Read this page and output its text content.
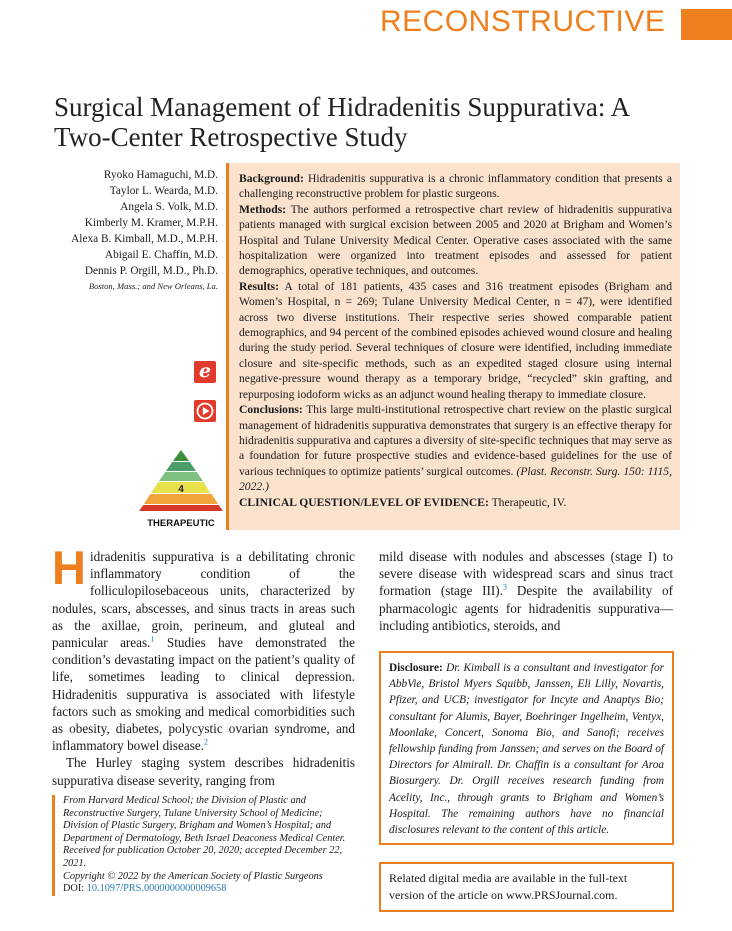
RECONSTRUCTIVE
Surgical Management of Hidradenitis Suppurativa: A Two-Center Retrospective Study
Ryoko Hamaguchi, M.D.
Taylor L. Wearda, M.D.
Angela S. Volk, M.D.
Kimberly M. Kramer, M.P.H.
Alexa B. Kimball, M.D., M.P.H.
Abigail E. Chaffin, M.D.
Dennis P. Orgill, M.D., Ph.D.
Boston, Mass.; and New Orleans, La.
e
4
THERAPEUTIC

Background: Hidradenitis suppurativa is a chronic inflammatory condition that presents a challenging reconstructive problem for plastic surgeons.

Methods: The authors performed a retrospective chart review of hidradenitis suppurativa patients managed with surgical excision between 2005 and 2020 at Brigham and Women’s Hospital and Tulane University Medical Center. Operative cases associated with the same hospitalization were organized into treatment episodes and assessed for patient demographics, operative techniques, and outcomes.

Results: A total of 181 patients, 435 cases and 316 treatment episodes (Brigham and Women’s Hospital, n = 269; Tulane University Medical Center, n = 47), were identified across two diverse institutions. Their respective series showed comparable patient demographics, and 94 percent of the combined episodes achieved wound closure and healing during the study period. Several techniques of closure were identified, including immediate closure and site-specific methods, such as an expedited staged closure using internal negative-pressure wound therapy as a temporary bridge, “recycled” skin grafting, and repurposing iodoform wicks as an adjunct wound healing therapy to immediate closure.

Conclusions: This large multi-institutional retrospective chart review on the plastic surgical management of hidradenitis suppurativa demonstrates that surgery is an effective therapy for hidradenitis suppurativa and captures a diversity of site-specific techniques that may serve as a foundation for future prospective studies and evidence-based guidelines for the use of various techniques to optimize patients’ surgical outcomes. (Plast. Reconstr. Surg. 150: 1115, 2022.)

CLINICAL QUESTION/LEVEL OF EVIDENCE: Therapeutic, IV.

Hidradenitis suppurativa is a debilitating chronic inflammatory condition of the folliculopilosebaceous units, characterized by nodules, scars, abscesses, and sinus tracts in areas such as the axillae, groin, perineum, and gluteal and pannicular areas.$^1$ Studies have demonstrated the condition’s devastating impact on the patient’s quality of life, sometimes leading to clinical depression. Hidradenitis suppurativa is associated with lifestyle factors such as smoking and medical comorbidities such as obesity, diabetes, polycystic ovarian syndrome, and inflammatory bowel disease.$^2$

The Hurley staging system describes hidradenitis suppurativa disease severity, ranging from

mild disease with nodules and abscesses (stage I) to severe disease with widespread scars and sinus tract formation (stage III).$^3$ Despite the availability of pharmacologic agents for hidradenitis suppurativa—including antibiotics, steroids, and

Disclosure: Dr. Kimball is a consultant and investigator for AbbVie, Bristol Myers Squibb, Janssen, Eli Lilly, Novartis, Pfizer, and UCB; investigator for Incyte and Anaptys Bio; consultant for Alumis, Bayer, Boehringer Ingelheim, Ventyx, Moonlake, Concert, Sonoma Bio, and Sanofi; receives fellowship funding from Janssen; and serves on the Board of Directors for Almirall. Dr. Chaffin is a consultant for Aroa Biosurgery. Dr. Orgill receives research funding from Acelity, Inc., through grants to Brigham and Women’s Hospital. The remaining authors have no financial disclosures relevant to the content of this article.
Related digital media are available in the full-text version of the article on www.PRSJournal.com.

From Harvard Medical School; the Division of Plastic and Reconstructive Surgery, Tulane University School of Medicine; Division of Plastic Surgery, Brigham and Women’s Hospital; and Department of Dermatology, Beth Israel Deaconess Medical Center.

Received for publication October 20, 2020; accepted December 22, 2021.

Copyright © 2022 by the American Society of Plastic Surgeons

DOI: 10.1097/PRS.0000000000009658
